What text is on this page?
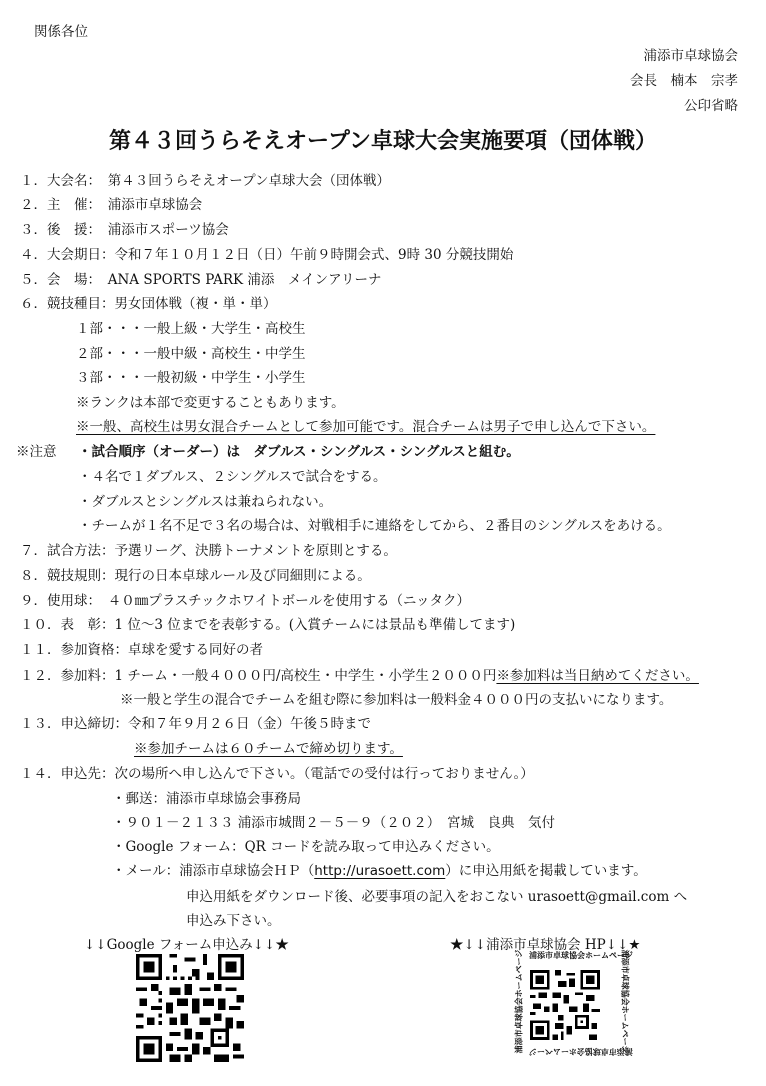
関係各位
浦添市卓球協会
会長　楠本　宗孝
公印省略
第４３回うらそえオープン卓球大会実施要項（団体戦）
１．大会名：　第４３回うらそえオープン卓球大会（団体戦）
２．主　催：　浦添市卓球協会
３．後　援：　浦添市スポーツ協会
４．大会期日：令和７年１０月１２日（日）午前９時開会式、9時 30 分競技開始
５．会　場：　ANA SPORTS PARK 浦添　メインアリーナ
６．競技種目：男女団体戦（複・単・単）
１部・・・一般上級・大学生・高校生
２部・・・一般中級・高校生・中学生
３部・・・一般初級・中学生・小学生
※ランクは本部で変更することもあります。
※一般、高校生は男女混合チームとして参加可能です。混合チームは男子で申し込んで下さい。
※注意 ・試合順序（オーダー）は　ダブルス・シングルス・シングルスと組む。
・４名で１ダブルス、２シングルスで試合をする。
・ダブルスとシングルスは兼ねられない。
・チームが１名不足で３名の場合は、対戦相手に連絡をしてから、２番目のシングルスをあける。
７．試合方法：予選リーグ、決勝トーナメントを原則とする。
８．競技規則：現行の日本卓球ルール及び同細則による。
９．使用球：　４０㎜プラスチックホワイトボールを使用する（ニッタク）
１０．表　彰：1 位～3 位までを表彰する。(入賞チームには景品も準備してます)
１１．参加資格：卓球を愛する同好の者
１２．参加料：1 チーム・一般４０００円/高校生・中学生・小学生２０００円※参加料は当日納めてください。
※一般と学生の混合でチームを組む際に参加料は一般料金４０００円の支払いになります。
１３．申込締切：令和７年９月２６日（金）午後５時まで
※参加チームは６０チームで締め切ります。
１４．申込先：次の場所へ申し込んで下さい。（電話での受付は行っておりません。）
・郵送：浦添市卓球協会事務局
・９０１－２１３３ 浦添市城間２－５－９（２０２）　宮城　良典　気付
・Google フォーム：QR コードを読み取って申込みください。
・メール：浦添市卓球協会ＨＰ（http://urasoett.com）に申込用紙を掲載しています。
申込用紙をダウンロード後、必要事項の記入をおこない urasoett@gmail.com へ
申込み下さい。
↓↓Google フォーム申込み↓↓★	★↓↓浦添市卓球協会 HP↓↓★
浦添市卓球協会ホームページ
浦添市卓球協会ホームページ	浦添市卓球協会ホームページ
浦添市卓球協会ホームページ
